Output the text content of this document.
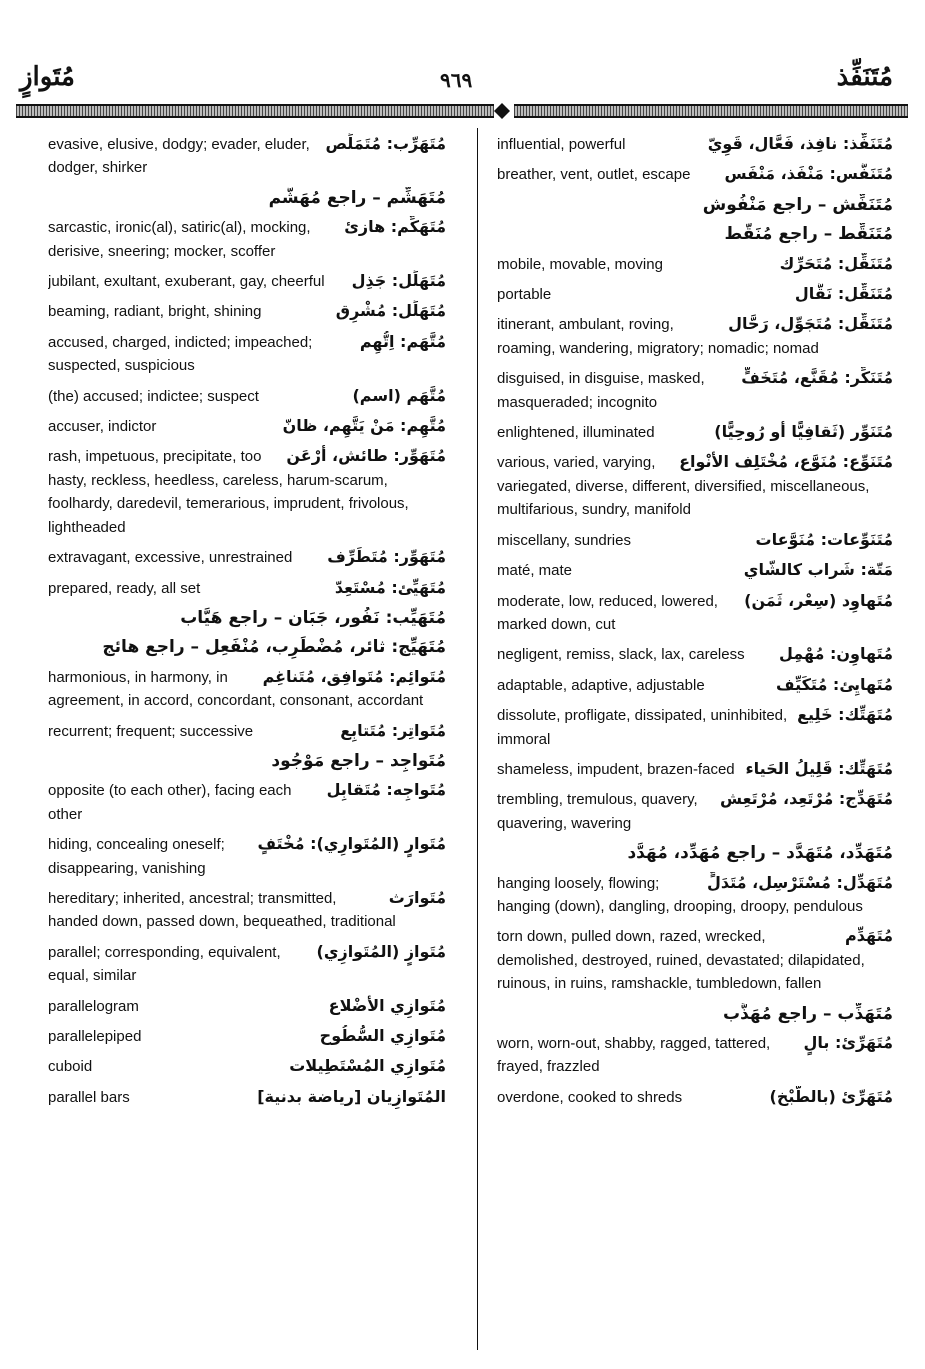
مُتَوازٍ	٩٦٩	مُتَنَفِّذ
مُتَهَرِّب: مُتَمَلِّص
evasive, elusive, dodgy; evader, eluder, dodger, shirker
مُتَهَشِّم – راجع مُهَشَّم
مُتَهَكِّم: هازئ
sarcastic, ironic(al), satiric(al), mocking, derisive, sneering; mocker, scoffer
مُتَهَلِّل: جَذِل
jubilant, exultant, exuberant, gay, cheerful
مُتَهَلِّل: مُشْرِق
beaming, radiant, bright, shining
مُتَّهَم: اِتُّهِم
accused, charged, indicted; impeached; suspected, suspicious
مُتَّهَم (اسم)
(the) accused; indictee; suspect
مُتَّهِم: مَنْ يَتَّهِم، ظانّ
accuser, indictor
مُتَهَوِّر: طائش، أَرْعَن
rash, impetuous, precipitate, too hasty, reckless, heedless, careless, harum-scarum, foolhardy, daredevil, temerarious, imprudent, frivolous, lightheaded
مُتَهَوِّر: مُتَطَرِّف
extravagant, excessive, unrestrained
مُتَهَيِّئ: مُسْتَعِدّ
prepared, ready, all set
مُتَهَيِّب: نَفُور، جَبَان – راجع هَيَّاب
مُتَهَيِّج: ثائر، مُضْطَرِب، مُنْفَعِل – راجع هائج
مُتَوائِم: مُتَوافِق، مُتَناغِم
harmonious, in harmony, in agreement, in accord, concordant, consonant, accordant
مُتَواتِر: مُتَتابِع
recurrent; frequent; successive
مُتَواجِد – راجع مَوْجُود
مُتَواجِه: مُتَقابِل
opposite (to each other), facing each other
مُتَوارٍ (المُتَوارِي): مُخْتَفٍ
hiding, concealing oneself; disappearing, vanishing
مُتَوارَث
hereditary; inherited, ancestral; transmitted, handed down, passed down, bequeathed, traditional
مُتَوازٍ (المُتَوازِي)
parallel; corresponding, equivalent, equal, similar
مُتَوازِي الأَضْلاع
parallelogram
مُتَوازِي السُّطُوح
parallelepiped
مُتَوازِي المُسْتَطِيلات
cuboid
المُتَوازِيان [رياضة بدنية]
parallel bars
مُتَنَفِّذ: نافِذ، فَعَّال، قَوِيّ
influential, powerful
مُتَنَفَّس: مَنْفَذ، مَنْفَس
breather, vent, outlet, escape
مُتَنَفِّش – راجع مَنْفُوش
مُتَنَقِّط – راجع مُنَقَّط
مُتَنَقِّل: مُتَحَرِّك
mobile, movable, moving
مُتَنَقِّل: نَقَّال
portable
مُتَنَقِّل: مُتَجَوِّل، رَحَّال
itinerant, ambulant, roving, roaming, wandering, migratory; nomadic; nomad
مُتَنَكِّر: مُقَنَّع، مُتَخَفٍّ
disguised, in disguise, masked, masqueraded; incognito
مُتَنَوِّر (ثَقافِيًّا أو رُوحِيًّا)
enlightened, illuminated
مُتَنَوِّع: مُنَوَّع، مُخْتَلِف الأَنْواع
various, varied, varying, variegated, diverse, different, diversified, miscellaneous, multifarious, sundry, manifold
مُتَنَوِّعات: مُنَوَّعات
miscellany, sundries
مَتّة: شَراب كالشّاي
maté, mate
مُتَهاوِد (سِعْر، ثَمَن)
moderate, low, reduced, lowered, marked down, cut
مُتَهاوِن: مُهْمِل
negligent, remiss, slack, lax, careless
مُتَهايِئ: مُتَكَيِّف
adaptable, adaptive, adjustable
مُتَهَتِّك: خَلِيع
dissolute, profligate, dissipated, uninhibited, immoral
مُتَهَتِّك: قَلِيلُ الحَياء
shameless, impudent, brazen-faced
مُتَهَدِّج: مُرْتَعِد، مُرْتَعِش
trembling, tremulous, quavery, quavering, wavering
مُتَهَدِّد، مُتَهَدَّد – راجع مُهَدِّد، مُهَدَّد
مُتَهَدِّل: مُسْتَرْسِل، مُتَدَلٍّ
hanging loosely, flowing; hanging (down), dangling, drooping, droopy, pendulous
مُتَهَدِّم
torn down, pulled down, razed, wrecked, demolished, destroyed, ruined, devastated; dilapidated, ruinous, in ruins, ramshackle, tumbledown, fallen
مُتَهَذِّب – راجع مُهَذَّب
مُتَهَرِّئ: بالٍ
worn, worn-out, shabby, ragged, tattered, frayed, frazzled
مُتَهَرِّئ (بالطَّبْخ)
overdone, cooked to shreds
